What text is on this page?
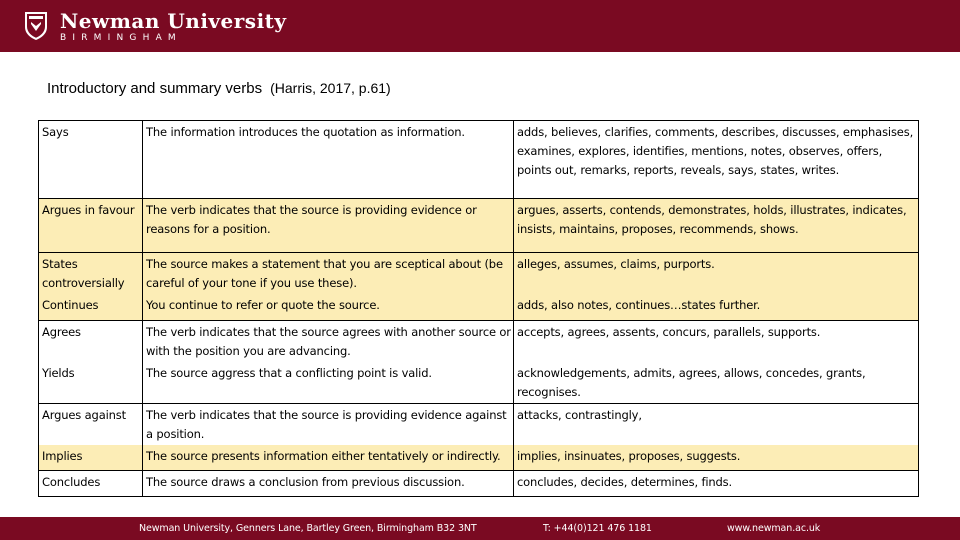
Newman University
BIRMINGHAM
Introductory and summary verbs (Harris, 2017, p.61)
Says	The information introduces the quotation as information.	adds, believes, clarifies, comments, describes, discusses, emphasises, examines, explores, identifies, mentions, notes, observes, offers, points out, remarks, reports, reveals, says, states, writes.
Argues in favour	The verb indicates that the source is providing evidence or reasons for a position.	argues, asserts, contends, demonstrates, holds, illustrates, indicates, insists, maintains, proposes, recommends, shows.
States controversially	The source makes a statement that you are sceptical about (be careful of your tone if you use these).	alleges, assumes, claims, purports.
Continues	You continue to refer or quote the source.	adds, also notes, continues…states further.
Agrees	The verb indicates that the source agrees with another source or with the position you are advancing.	accepts, agrees, assents, concurs, parallels, supports.
Yields	The source aggress that a conflicting point is valid.	acknowledgements, admits, agrees, allows, concedes, grants, recognises.
Argues against	The verb indicates that the source is providing evidence against a position.	attacks, contrastingly,
Implies	The source presents information either tentatively or indirectly.	implies, insinuates, proposes, suggests.
Concludes	The source draws a conclusion from previous discussion.	concludes, decides, determines, finds.
Newman University, Genners Lane, Bartley Green, Birmingham B32 3NT	T: +44(0)121 476 1181	www.newman.ac.uk
